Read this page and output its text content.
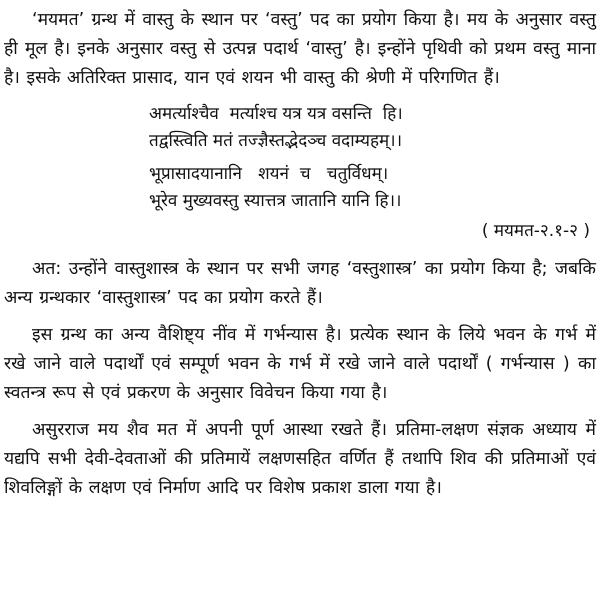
‘मयमत’ ग्रन्थ में वास्तु के स्थान पर ‘वस्तु’ पद का प्रयोग किया है। मय के अनुसार वस्तु ही मूल है। इनके अनुसार वस्तु से उत्पन्न पदार्थ ‘वास्तु’ है। इन्होंने पृथिवी को प्रथम वस्तु माना है। इसके अतिरिक्त प्रासाद, यान एवं शयन भी वास्तु की श्रेणी में परिगणित हैं।

अमर्त्याश्चैव  मर्त्याश्च यत्र यत्र वसन्ति  हि।

तद्वस्त्विति मतं तज्ज्ञैस्तद्भेदञ्च वदाम्यहम्।।

भूप्रासादयानानि   शयनं  च   चतुर्विधम्।

भूरेव मुख्यवस्तु स्यात्तत्र जातानि यानि हि।।

( मयमत-२.१-२ )

अत: उन्होंने वास्तुशास्त्र के स्थान पर सभी जगह ‘वस्तुशास्त्र’ का प्रयोग किया है; जबकि अन्य ग्रन्थकार ‘वास्तुशास्त्र’ पद का प्रयोग करते हैं।

इस ग्रन्थ का अन्य वैशिष्ट्य नींव में गर्भन्यास है। प्रत्येक स्थान के लिये भवन के गर्भ में रखे जाने वाले पदार्थों एवं सम्पूर्ण भवन के गर्भ में रखे जाने वाले पदार्थों ( गर्भन्यास ) का स्वतन्त्र रूप से एवं प्रकरण के अनुसार विवेचन किया गया है।

असुरराज मय शैव मत में अपनी पूर्ण आस्था रखते हैं। प्रतिमा-लक्षण संज्ञक अध्याय में यद्यपि सभी देवी-देवताओं की प्रतिमायें लक्षणसहित वर्णित हैं तथापि शिव की प्रतिमाओं एवं शिवलिङ्गों के लक्षण एवं निर्माण आदि पर विशेष प्रकाश डाला गया है।
